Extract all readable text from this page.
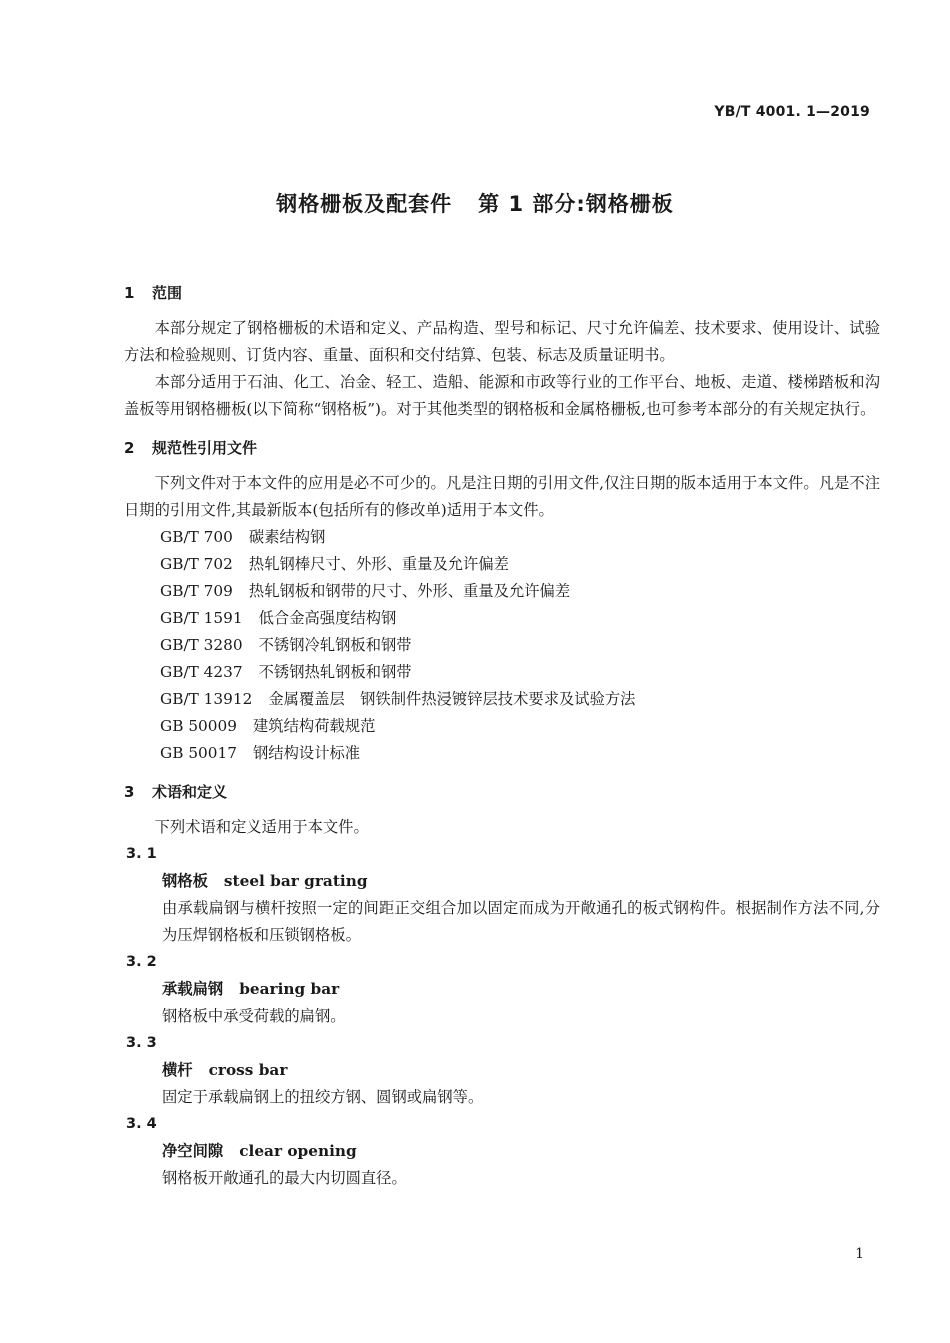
YB/T 4001. 1—2019
钢格栅板及配套件 第 1 部分:钢格栅板
1 范围
本部分规定了钢格栅板的术语和定义、产品构造、型号和标记、尺寸允许偏差、技术要求、使用设计、试验方法和检验规则、订货内容、重量、面积和交付结算、包装、标志及质量证明书。
本部分适用于石油、化工、冶金、轻工、造船、能源和市政等行业的工作平台、地板、走道、楼梯踏板和沟盖板等用钢格栅板(以下简称“钢格板”)。对于其他类型的钢格板和金属格栅板,也可参考本部分的有关规定执行。
2 规范性引用文件
下列文件对于本文件的应用是必不可少的。凡是注日期的引用文件,仅注日期的版本适用于本文件。凡是不注日期的引用文件,其最新版本(包括所有的修改单)适用于本文件。
GB/T 700 碳素结构钢
GB/T 702 热轧钢棒尺寸、外形、重量及允许偏差
GB/T 709 热轧钢板和钢带的尺寸、外形、重量及允许偏差
GB/T 1591 低合金高强度结构钢
GB/T 3280 不锈钢冷轧钢板和钢带
GB/T 4237 不锈钢热轧钢板和钢带
GB/T 13912 金属覆盖层　钢铁制件热浸镀锌层技术要求及试验方法
GB 50009 建筑结构荷载规范
GB 50017 钢结构设计标准
3 术语和定义
下列术语和定义适用于本文件。
3. 1
钢格板 steel bar grating
由承载扁钢与横杆按照一定的间距正交组合加以固定而成为开敞通孔的板式钢构件。根据制作方法不同,分为压焊钢格板和压锁钢格板。
3. 2
承载扁钢 bearing bar
钢格板中承受荷载的扁钢。
3. 3
横杆 cross bar
固定于承载扁钢上的扭绞方钢、圆钢或扁钢等。
3. 4
净空间隙 clear opening
钢格板开敞通孔的最大内切圆直径。
1
